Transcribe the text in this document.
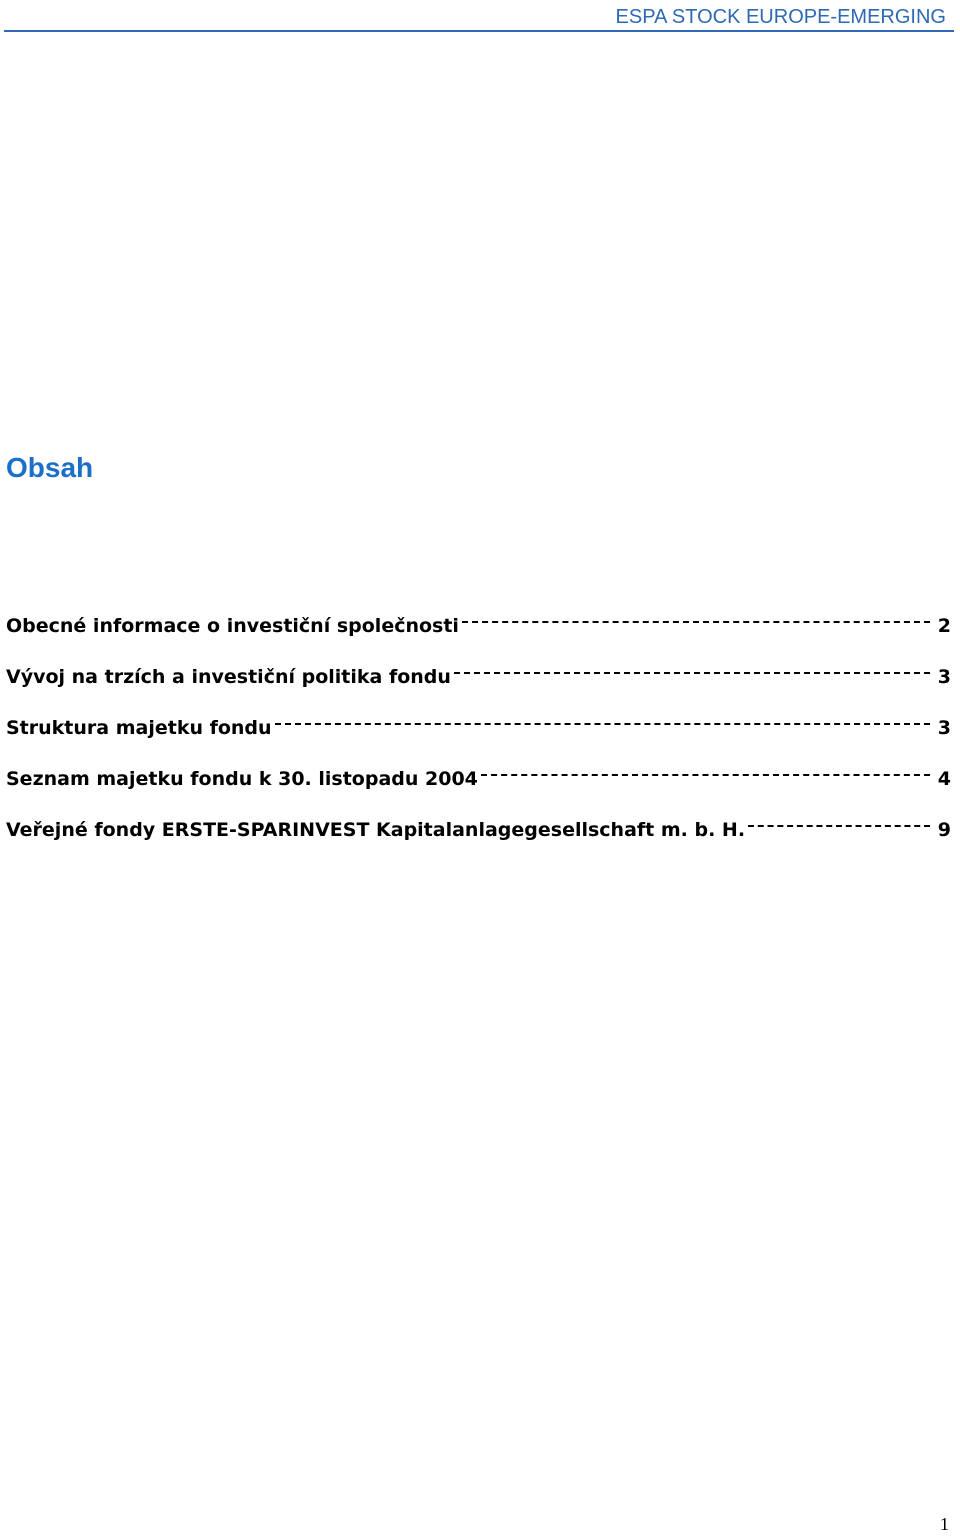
ESPA STOCK EUROPE-EMERGING
Obsah
Obecné informace o investiční společnosti	2
Vývoj na trzích a investiční politika fondu	3
Struktura majetku fondu	3
Seznam majetku fondu k 30. listopadu 2004	4
Veřejné fondy ERSTE-SPARINVEST Kapitalanlagegesellschaft m. b. H.	9
1
